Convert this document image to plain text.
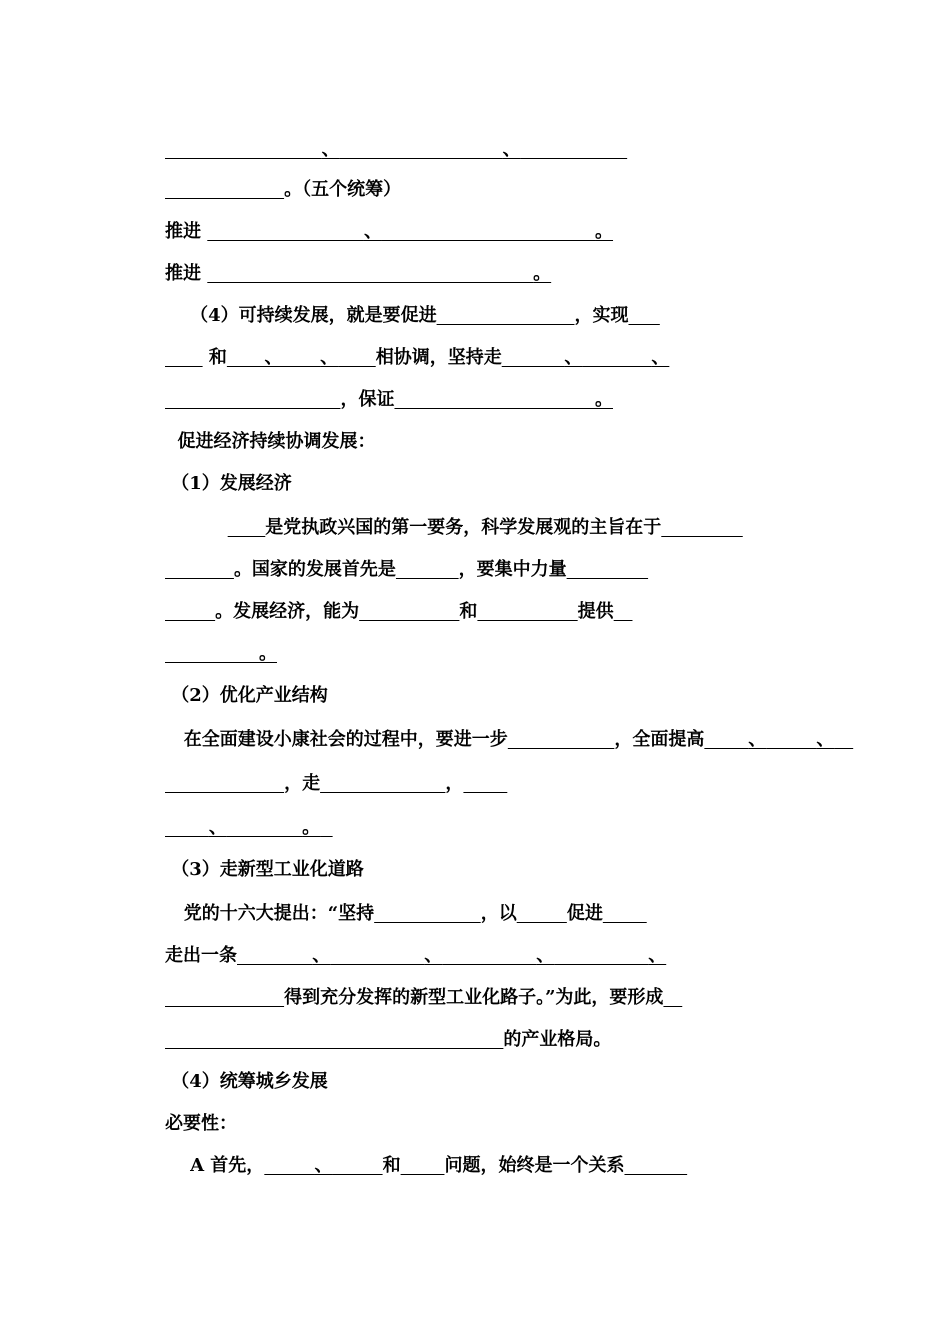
、	、
。（五个统筹）
推进	、	。
推进	。
（4）可持续发展，就是要促进	，实现
和 、 、 相协调，坚持走	、	、
，保证	。
促进经济持续协调发展：
（1）发展经济
是党执政兴国的第一要务，科学发展观的主旨在于
。国家的发展首先是	，要集中力量
。发展经济，能为	和	提供
。
（2）优化产业结构
在全面建设小康社会的过程中，要进一步	，全面提高 、	、
，走	，
、	。
（3）走新型工业化道路
党的十六大提出：“坚持	，以	促进
走出一条	、	、	、	、
得到充分发挥的新型工业化路子。”为此，要形成
的产业格局。
（4）统筹城乡发展
必要性：
A 首先，	、	和 问题，始终是一个关系
